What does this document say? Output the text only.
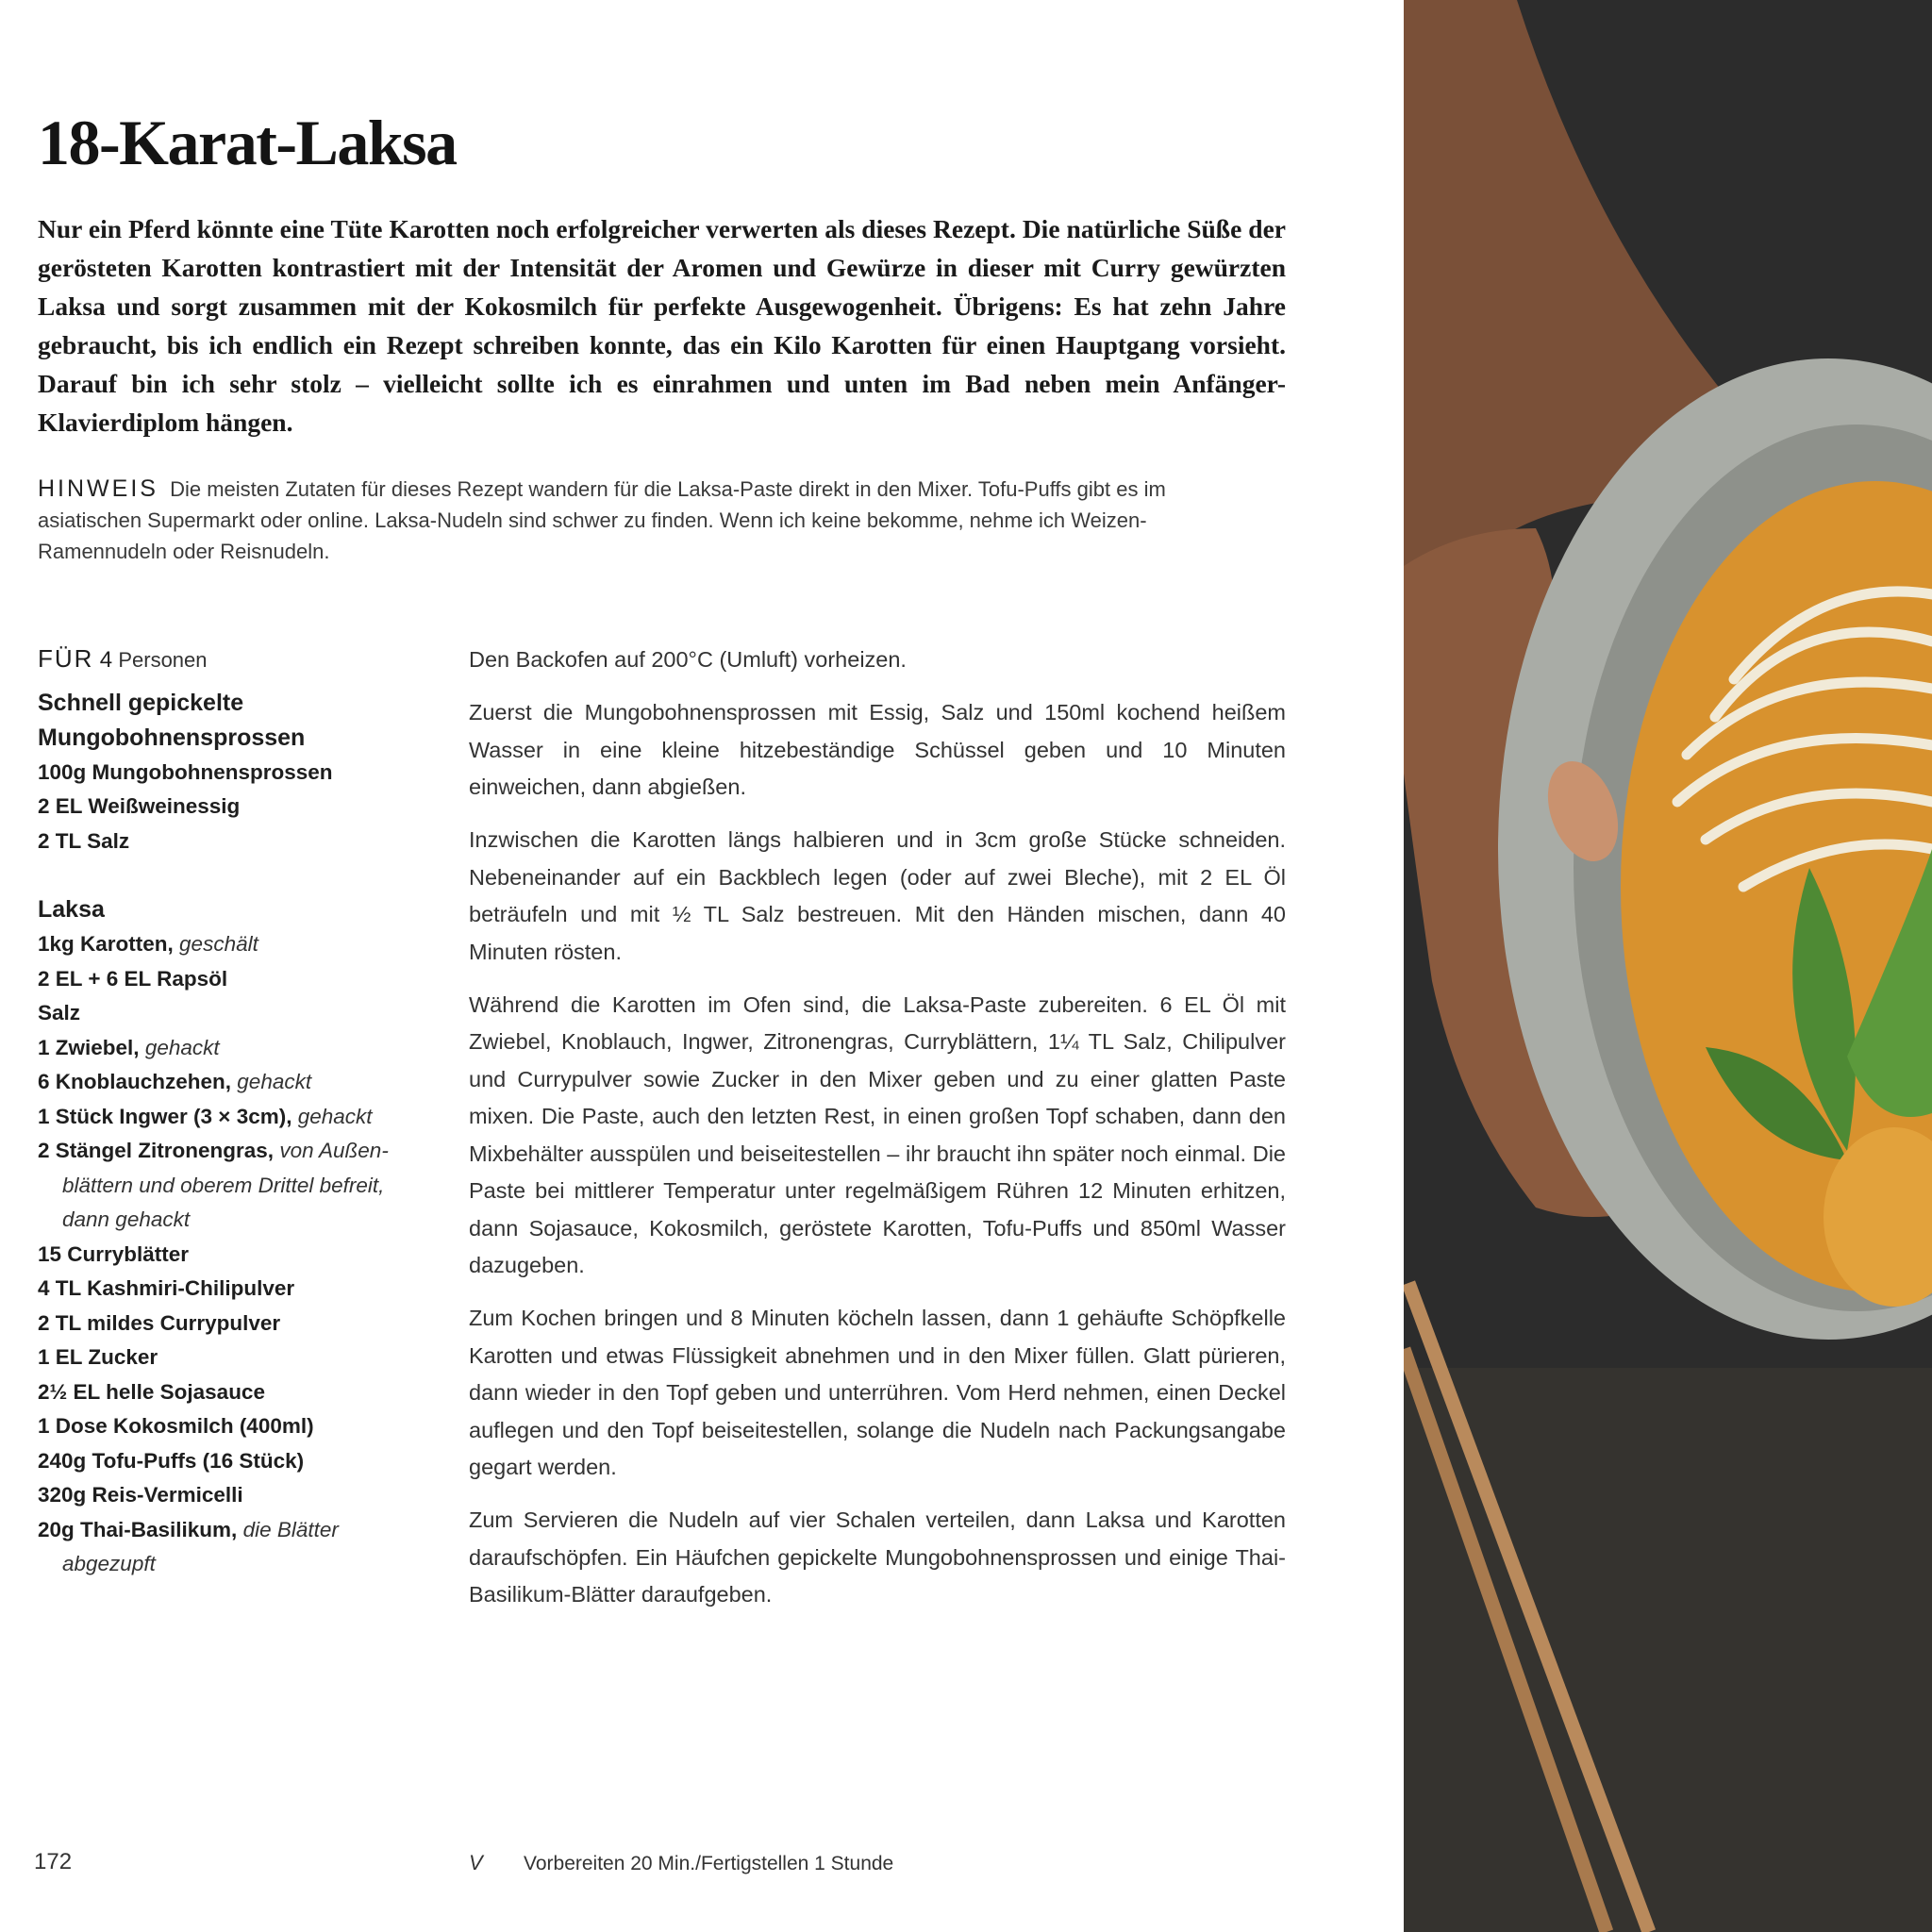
18-Karat-Laksa

Nur ein Pferd könnte eine Tüte Karotten noch erfolgreicher verwerten als dieses Rezept. Die natürliche Süße der gerösteten Karotten kontrastiert mit der Intensität der Aromen und Gewürze in dieser mit Curry gewürzten Laksa und sorgt zusammen mit der Kokosmilch für perfekte Ausgewogenheit. Übrigens: Es hat zehn Jahre gebraucht, bis ich endlich ein Rezept schreiben konnte, das ein Kilo Karotten für einen Hauptgang vorsieht. Darauf bin ich sehr stolz – vielleicht sollte ich es einrahmen und unten im Bad neben mein Anfänger-Klavierdiplom hängen.

HINWEIS Die meisten Zutaten für dieses Rezept wandern für die Laksa-Paste direkt in den Mixer. Tofu-Puffs gibt es im asiatischen Supermarkt oder online. Laksa-Nudeln sind schwer zu finden. Wenn ich keine bekomme, nehme ich Weizen-Ramennudeln oder Reisnudeln.

FÜR 4 Personen
Schnell gepickelte Mungobohnensprossen
100g Mungobohnensprossen
2 EL Weißweinessig
2 TL Salz
Laksa
1kg Karotten, geschält
2 EL + 6 EL Rapsöl
Salz
1 Zwiebel, gehackt
6 Knoblauchzehen, gehackt
1 Stück Ingwer (3 × 3cm), gehackt
2 Stängel Zitronengras, von Außen-blättern und oberem Drittel befreit, dann gehackt
15 Curryblätter
4 TL Kashmiri-Chilipulver
2 TL mildes Currypulver
1 EL Zucker
2½ EL helle Sojasauce
1 Dose Kokosmilch (400ml)
240g Tofu-Puffs (16 Stück)
320g Reis-Vermicelli
20g Thai-Basilikum, die Blätter abgezupft

Den Backofen auf 200°C (Umluft) vorheizen.

Zuerst die Mungobohnensprossen mit Essig, Salz und 150ml kochend heißem Wasser in eine kleine hitzebeständige Schüssel geben und 10 Minuten einweichen, dann abgießen.

Inzwischen die Karotten längs halbieren und in 3cm große Stücke schneiden. Nebeneinander auf ein Backblech legen (oder auf zwei Bleche), mit 2 EL Öl beträufeln und mit ½ TL Salz bestreuen. Mit den Händen mischen, dann 40 Minuten rösten.

Während die Karotten im Ofen sind, die Laksa-Paste zubereiten. 6 EL Öl mit Zwiebel, Knoblauch, Ingwer, Zitronengras, Curryblättern, 1¼ TL Salz, Chilipulver und Currypulver sowie Zucker in den Mixer geben und zu einer glatten Paste mixen. Die Paste, auch den letzten Rest, in einen großen Topf schaben, dann den Mixbehälter ausspülen und beiseitestellen – ihr braucht ihn später noch einmal. Die Paste bei mittlerer Temperatur unter regelmäßigem Rühren 12 Minuten erhitzen, dann Sojasauce, Kokosmilch, geröstete Karotten, Tofu-Puffs und 850ml Wasser dazugeben.

Zum Kochen bringen und 8 Minuten köcheln lassen, dann 1 gehäufte Schöpfkelle Karotten und etwas Flüssigkeit abnehmen und in den Mixer füllen. Glatt pürieren, dann wieder in den Topf geben und unterrühren. Vom Herd nehmen, einen Deckel auflegen und den Topf beiseitestellen, solange die Nudeln nach Packungsangabe gegart werden.

Zum Servieren die Nudeln auf vier Schalen verteilen, dann Laksa und Karotten daraufschöpfen. Ein Häufchen gepickelte Mungobohnensprossen und einige Thai-Basilikum-Blätter daraufgeben.

172	V Vorbereiten 20 Min./Fertigstellen 1 Stunde
